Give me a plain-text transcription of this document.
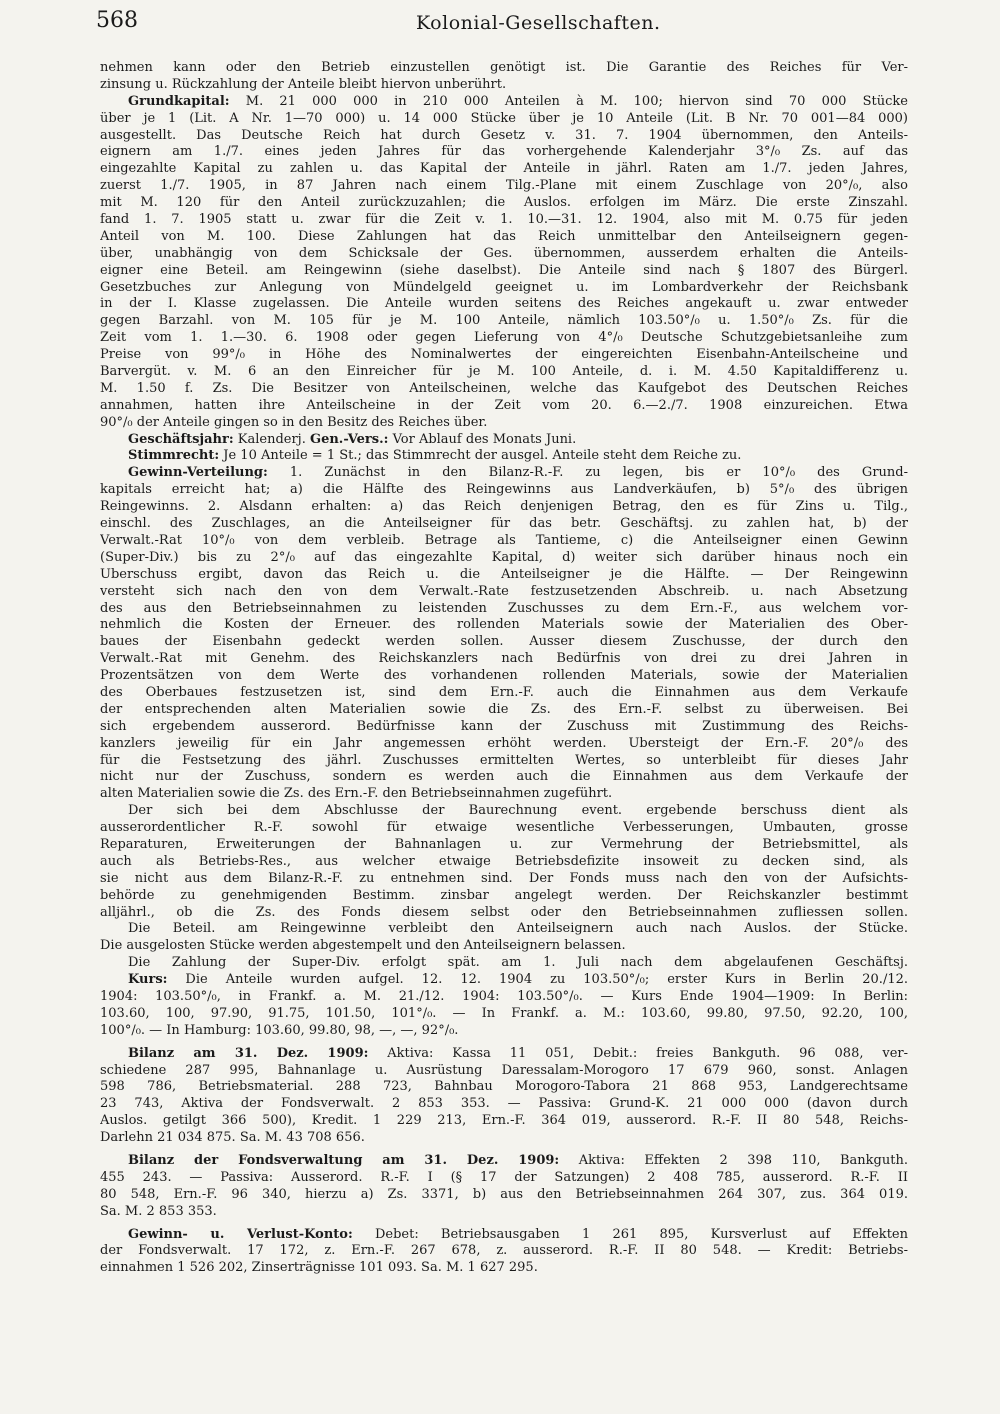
568	Kolonial-Gesellschaften.
nehmen kann oder den Betrieb einzustellen genötigt ist. Die Garantie des Reiches für Ver-
zinsung u. Rückzahlung der Anteile bleibt hiervon unberührt.
Grundkapital: M. 21 000 000 in 210 000 Anteilen à M. 100; hiervon sind 70 000 Stücke
über je 1 (Lit. A Nr. 1—70 000) u. 14 000 Stücke über je 10 Anteile (Lit. B Nr. 70 001—84 000)
ausgestellt. Das Deutsche Reich hat durch Gesetz v. 31. 7. 1904 übernommen, den Anteils-
eignern am 1./7. eines jeden Jahres für das vorhergehende Kalenderjahr 3°/₀ Zs. auf das
eingezahlte Kapital zu zahlen u. das Kapital der Anteile in jährl. Raten am 1./7. jeden Jahres,
zuerst 1./7. 1905, in 87 Jahren nach einem Tilg.-Plane mit einem Zuschlage von 20°/₀, also
mit M. 120 für den Anteil zurückzuzahlen; die Auslos. erfolgen im März. Die erste Zinszahl.
fand 1. 7. 1905 statt u. zwar für die Zeit v. 1. 10.—31. 12. 1904, also mit M. 0.75 für jeden
Anteil von M. 100. Diese Zahlungen hat das Reich unmittelbar den Anteilseignern gegen-
über, unabhängig von dem Schicksale der Ges. übernommen, ausserdem erhalten die Anteils-
eigner eine Beteil. am Reingewinn (siehe daselbst). Die Anteile sind nach § 1807 des Bürgerl.
Gesetzbuches zur Anlegung von Mündelgeld geeignet u. im Lombardverkehr der Reichsbank
in der I. Klasse zugelassen. Die Anteile wurden seitens des Reiches angekauft u. zwar entweder
gegen Barzahl. von M. 105 für je M. 100 Anteile, nämlich 103.50°/₀ u. 1.50°/₀ Zs. für die
Zeit vom 1. 1.—30. 6. 1908 oder gegen Lieferung von 4°/₀ Deutsche Schutzgebietsanleihe zum
Preise von 99°/₀ in Höhe des Nominalwertes der eingereichten Eisenbahn-Anteilscheine und
Barvergüt. v. M. 6 an den Einreicher für je M. 100 Anteile, d. i. M. 4.50 Kapitaldifferenz u.
M. 1.50 f. Zs. Die Besitzer von Anteilscheinen, welche das Kaufgebot des Deutschen Reiches
annahmen, hatten ihre Anteilscheine in der Zeit vom 20. 6.—2./7. 1908 einzureichen. Etwa
90°/₀ der Anteile gingen so in den Besitz des Reiches über.
Geschäftsjahr: Kalenderj. Gen.-Vers.: Vor Ablauf des Monats Juni.
Stimmrecht: Je 10 Anteile = 1 St.; das Stimmrecht der ausgel. Anteile steht dem Reiche zu.
Gewinn-Verteilung: 1. Zunächst in den Bilanz-R.-F. zu legen, bis er 10°/₀ des Grund-
kapitals erreicht hat; a) die Hälfte des Reingewinns aus Landverkäufen, b) 5°/₀ des übrigen
Reingewinns. 2. Alsdann erhalten: a) das Reich denjenigen Betrag, den es für Zins u. Tilg.,
einschl. des Zuschlages, an die Anteilseigner für das betr. Geschäftsj. zu zahlen hat, b) der
Verwalt.-Rat 10°/₀ von dem verbleib. Betrage als Tantieme, c) die Anteilseigner einen Gewinn
(Super-Div.) bis zu 2°/₀ auf das eingezahlte Kapital, d) weiter sich darüber hinaus noch ein
Überschuss ergibt, davon das Reich u. die Anteilseigner je die Hälfte. — Der Reingewinn
versteht sich nach den von dem Verwalt.-Rate festzusetzenden Abschreib. u. nach Absetzung
des aus den Betriebseinnahmen zu leistenden Zuschusses zu dem Ern.-F., aus welchem vor-
nehmlich die Kosten der Erneuer. des rollenden Materials sowie der Materialien des Ober-
baues der Eisenbahn gedeckt werden sollen. Ausser diesem Zuschusse, der durch den
Verwalt.-Rat mit Genehm. des Reichskanzlers nach Bedürfnis von drei zu drei Jahren in
Prozentsätzen von dem Werte des vorhandenen rollenden Materials, sowie der Materialien
des Oberbaues festzusetzen ist, sind dem Ern.-F. auch die Einnahmen aus dem Verkaufe
der entsprechenden alten Materialien sowie die Zs. des Ern.-F. selbst zu überweisen. Bei
sich ergebendem ausserord. Bedürfnisse kann der Zuschuss mit Zustimmung des Reichs-
kanzlers jeweilig für ein Jahr angemessen erhöht werden. Übersteigt der Ern.-F. 20°/₀ des
für die Festsetzung des jährl. Zuschusses ermittelten Wertes, so unterbleibt für dieses Jahr
nicht nur der Zuschuss, sondern es werden auch die Einnahmen aus dem Verkaufe der
alten Materialien sowie die Zs. des Ern.-F. den Betriebseinnahmen zugeführt.
Der sich bei dem Abschlusse der Baurechnung event. ergebende berschuss dient als
ausserordentlicher R.-F. sowohl für etwaige wesentliche Verbesserungen, Umbauten, grosse
Reparaturen, Erweiterungen der Bahnanlagen u. zur Vermehrung der Betriebsmittel, als
auch als Betriebs-Res., aus welcher etwaige Betriebsdefizite insoweit zu decken sind, als
sie nicht aus dem Bilanz-R.-F. zu entnehmen sind. Der Fonds muss nach den von der Aufsichts-
behörde zu genehmigenden Bestimm. zinsbar angelegt werden. Der Reichskanzler bestimmt
alljährl., ob die Zs. des Fonds diesem selbst oder den Betriebseinnahmen zufliessen sollen.
Die Beteil. am Reingewinne verbleibt den Anteilseignern auch nach Auslos. der Stücke.
Die ausgelosten Stücke werden abgestempelt und den Anteilseignern belassen.
Die Zahlung der Super-Div. erfolgt spät. am 1. Juli nach dem abgelaufenen Geschäftsj.
Kurs: Die Anteile wurden aufgel. 12. 12. 1904 zu 103.50°/₀; erster Kurs in Berlin 20./12.
1904: 103.50°/₀, in Frankf. a. M. 21./12. 1904: 103.50°/₀. — Kurs Ende 1904—1909: In Berlin:
103.60, 100, 97.90, 91.75, 101.50, 101°/₀. — In Frankf. a. M.: 103.60, 99.80, 97.50, 92.20, 100,
100°/₀. — In Hamburg: 103.60, 99.80, 98, —, —, 92°/₀.
Bilanz am 31. Dez. 1909: Aktiva: Kassa 11 051, Debit.: freies Bankguth. 96 088, ver-
schiedene 287 995, Bahnanlage u. Ausrüstung Daressalam-Morogoro 17 679 960, sonst. Anlagen
598 786, Betriebsmaterial. 288 723, Bahnbau Morogoro-Tabora 21 868 953, Landgerechtsame
23 743, Aktiva der Fondsverwalt. 2 853 353. — Passiva: Grund-K. 21 000 000 (davon durch
Auslos. getilgt 366 500), Kredit. 1 229 213, Ern.-F. 364 019, ausserord. R.-F. II 80 548, Reichs-
Darlehn 21 034 875. Sa. M. 43 708 656.
Bilanz der Fondsverwaltung am 31. Dez. 1909: Aktiva: Effekten 2 398 110, Bankguth.
455 243. — Passiva: Ausserord. R.-F. I (§ 17 der Satzungen) 2 408 785, ausserord. R.-F. II
80 548, Ern.-F. 96 340, hierzu a) Zs. 3371, b) aus den Betriebseinnahmen 264 307, zus. 364 019.
Sa. M. 2 853 353.
Gewinn- u. Verlust-Konto: Debet: Betriebsausgaben 1 261 895, Kursverlust auf Effekten
der Fondsverwalt. 17 172, z. Ern.-F. 267 678, z. ausserord. R.-F. II 80 548. — Kredit: Betriebs-
einnahmen 1 526 202, Zinserträgnisse 101 093. Sa. M. 1 627 295.
